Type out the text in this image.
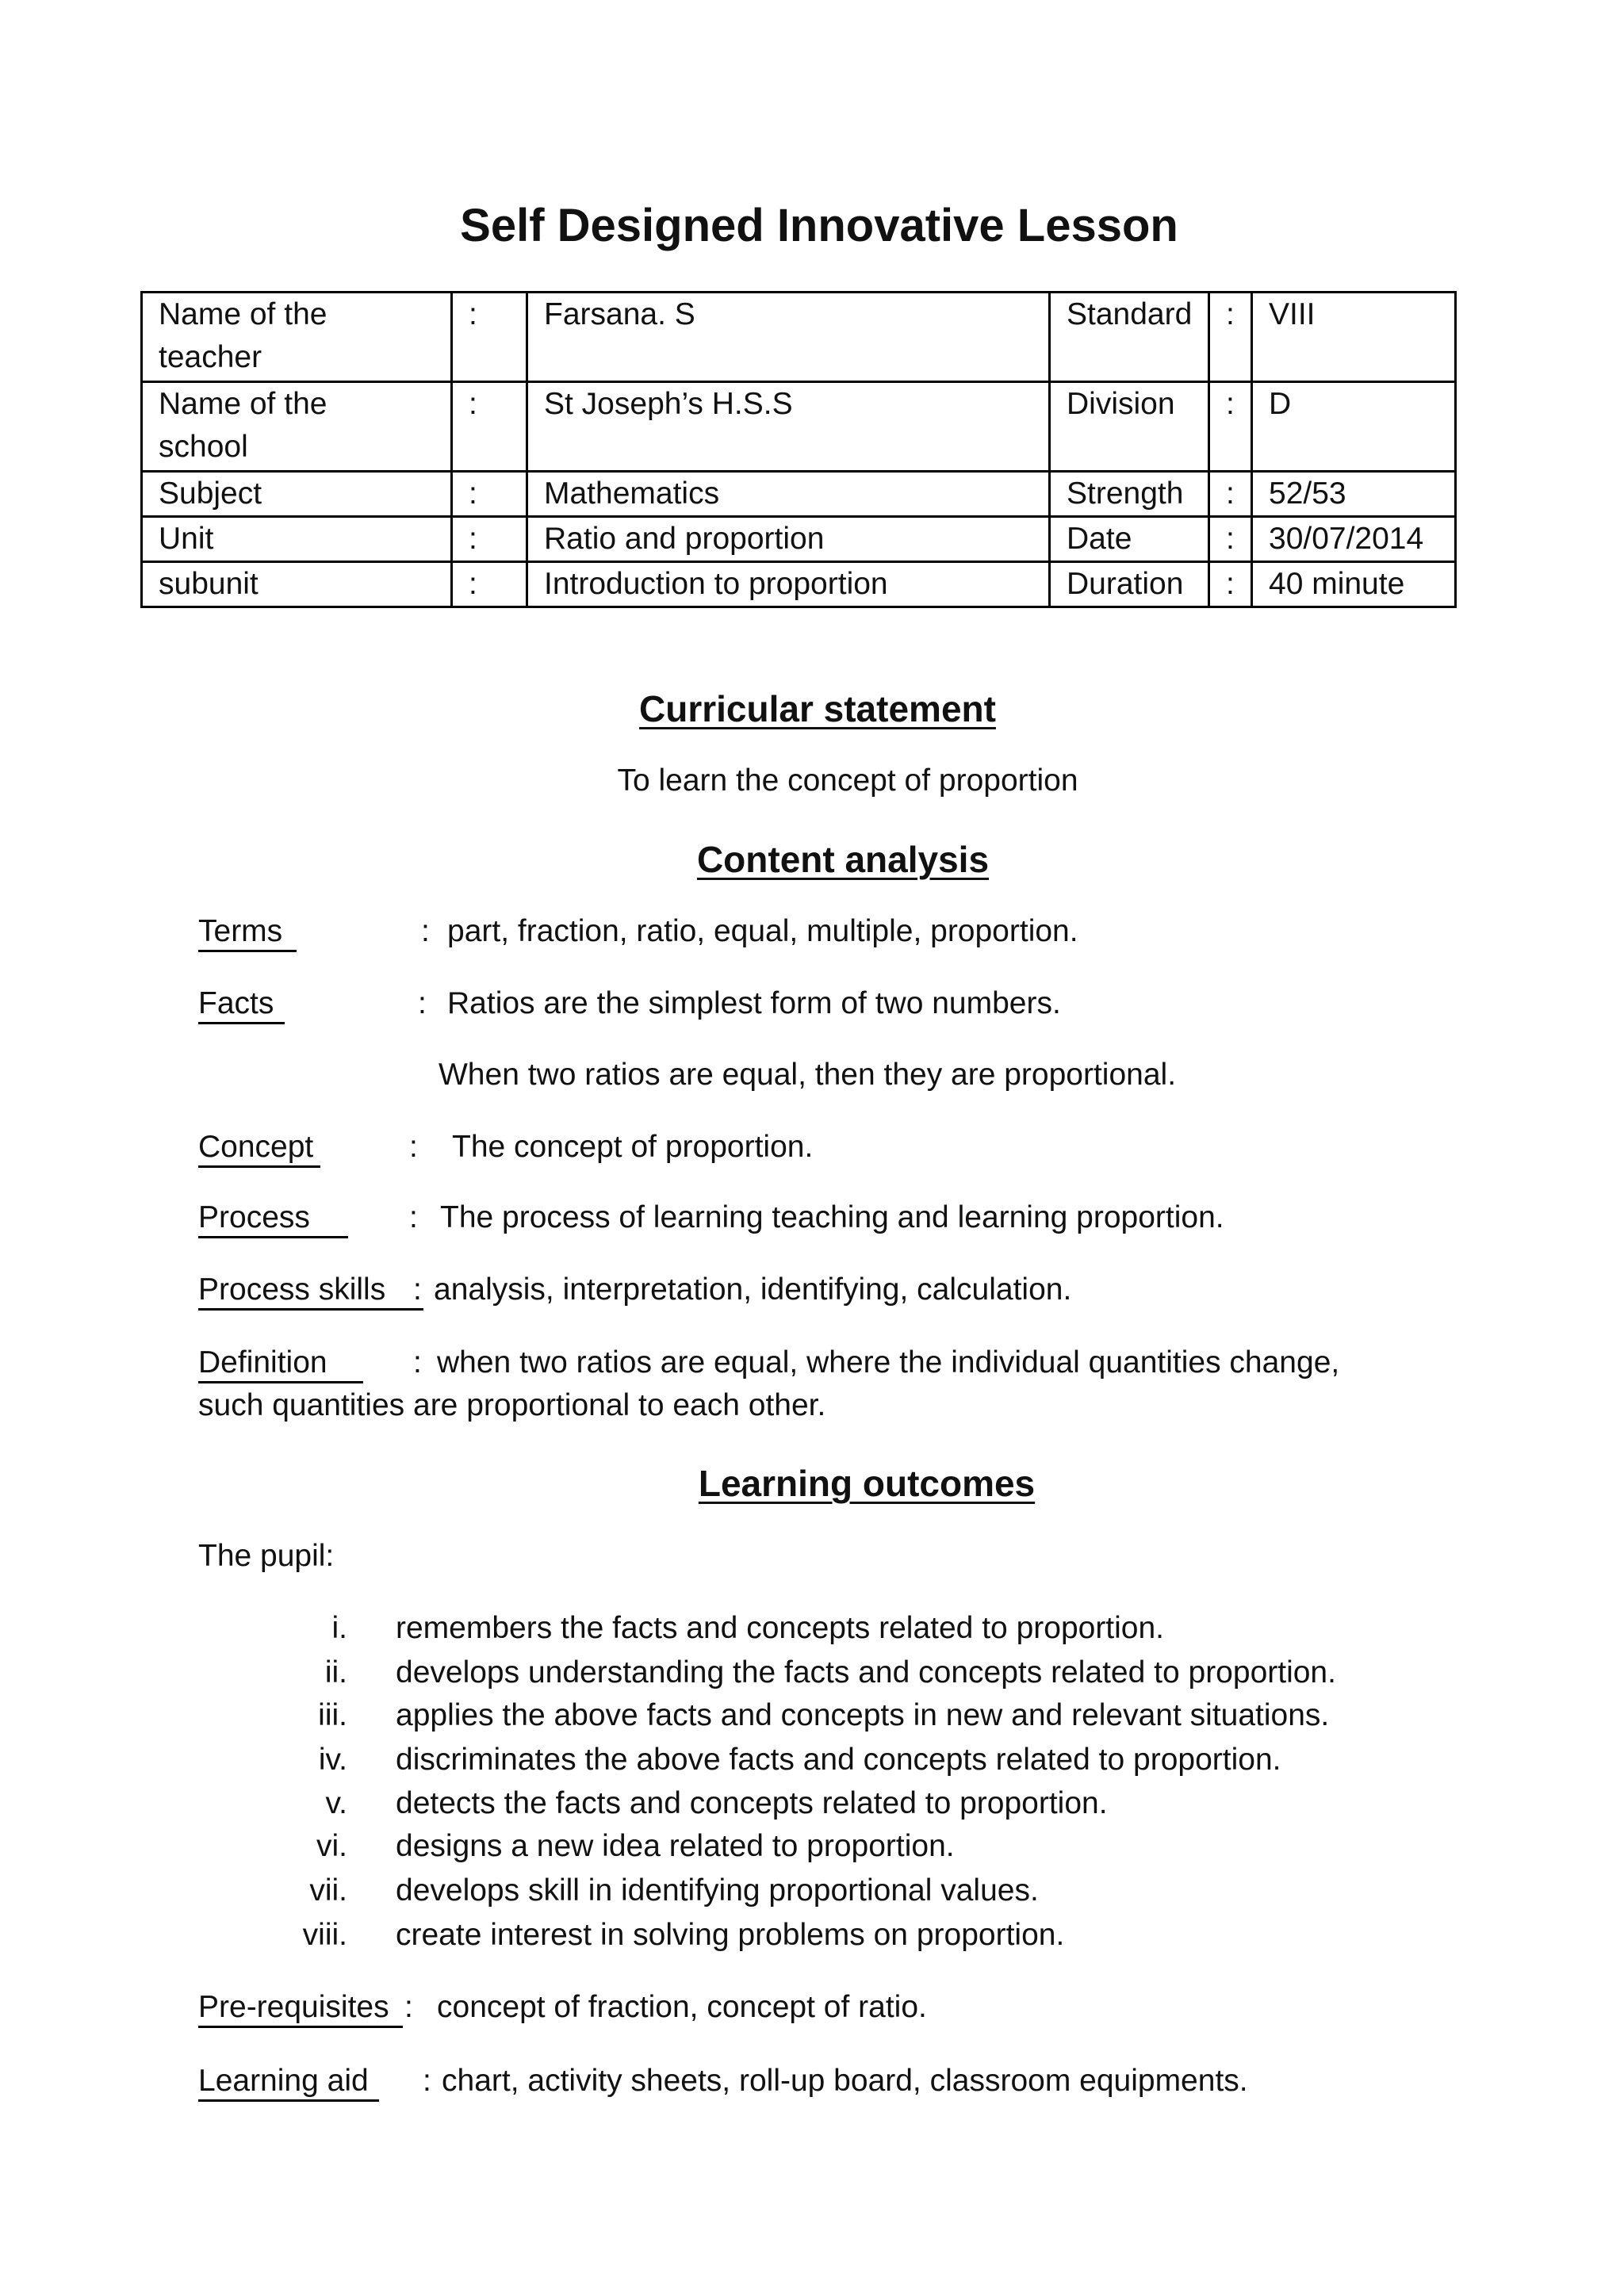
Self Designed Innovative Lesson
Name of the teacher	:	Farsana. S	Standard	:	VIII
Name of the school	:	St Joseph’s H.S.S	Division	:	D
Subject	:	Mathematics	Strength	:	52/53
Unit	:	Ratio and proportion	Date	:	30/07/2014
subunit	:	Introduction to proportion	Duration	:	40 minute
Curricular statement
To learn the concept of proportion
Content analysis
Terms	: part, fraction, ratio, equal, multiple, proportion.
Facts	: Ratios are the simplest form of two numbers.
When two ratios are equal, then they are proportional.
Concept	: The concept of proportion.
Process	: The process of learning teaching and learning proportion.
Process skills : analysis, interpretation, identifying, calculation.
Definition	: when two ratios are equal, where the individual quantities change,
such quantities are proportional to each other.
Learning outcomes
The pupil:
i. remembers the facts and concepts related to proportion.
ii. develops understanding the facts and concepts related to proportion.
iii. applies the above facts and concepts in new and relevant situations.
iv. discriminates the above facts and concepts related to proportion.
v. detects the facts and concepts related to proportion.
vi. designs a new idea related to proportion.
vii. develops skill in identifying proportional values.
viii. create interest in solving problems on proportion.
Pre-requisites : concept of fraction, concept of ratio.
Learning aid	: chart, activity sheets, roll-up board, classroom equipments.
